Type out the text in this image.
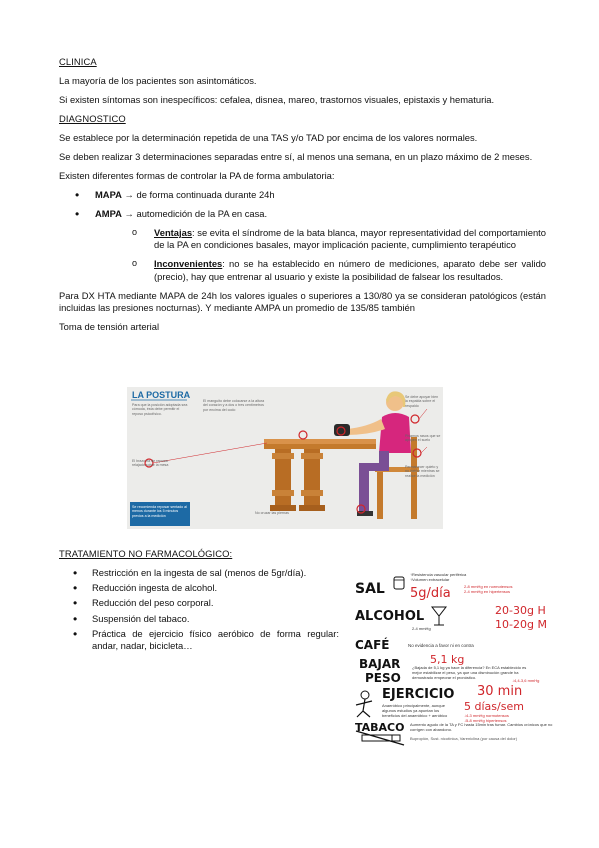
CLINICA

La mayoría de los pacientes son asintomáticos.

Si existen síntomas son inespecíficos: cefalea, disnea, mareo, trastornos visuales, epistaxis y hematuria.

DIAGNOSTICO

Se establece por la determinación repetida de una TAS y/o TAD por encima de los valores normales.

Se deben realizar 3 determinaciones separadas entre sí, al menos una semana, en un plazo máximo de 2 meses.

Existen diferentes formas de controlar la PA de forma ambulatoria:

• MAPA → de forma continuada durante 24h
• AMPA → automedición de la PA en casa.
o Ventajas: se evita el síndrome de la bata blanca, mayor representatividad del comportamiento de la PA en condiciones basales, mayor implicación paciente, cumplimiento terapéutico
o Inconvenientes: no se ha establecido en número de mediciones, aparato debe ser valido (precio), hay que entrenar al usuario y existe la posibilidad de falsear los resultados.

Para DX HTA mediante MAPA de 24h los valores iguales o superiores a 130/80 ya se consideran patológicos (están incluidas las presiones nocturnas). Y mediante AMPA un promedio de 135/85 también

Toma de tensión arterial

LA POSTURA
Para que la posición adoptada sea cómoda, ésta debe permitir el reposo psicofísico.
El manguito debe colocarse a la altura del corazón y a dos o tres centímetros por encima del codo
Se debe apoyar bien la espalda sobre el respaldo
Pisamos rasos que se apoyen el suelo
El brazo ha de reposar relajado sobre la mesa	Permanecer quieto y no hablar mientras se realice la medición
No cruzar las piernas
Se recomienda reposar sentado al menos durante los 5 minutos previos a la medición

TRATAMIENTO NO FARMACOLÓGICO:

• Restricción en la ingesta de sal (menos de 5gr/día).
• Reducción ingesta de alcohol.
• Reducción del peso corporal.
• Suspensión del tabaco.
• Práctica de ejercicio físico aeróbico de forma regular: andar, nadar, bicicleta…
SAL 5g/día
↑Resistencia vascular periférica
↑Volumen extracelular
2-8 mmHg en normotensos
2-4 mmHg en hipertensos
ALCOHOL	20-30g H
10-20g M
2-4 mmHg
CAFÉ	No evidencia a favor ni en contra
BAJAR
PESO
5,1 kg
¿Bajada de 5,1 kg ya hace la diferencia? En ECA establecido es mejor estabilizar el peso, ya que una disminución grande ha demostrado empeorar el pronóstico.
↓4,4-3,6 mmHg
EJERCICIO 30 min
5 días/sem
Anaeróbico principalmente, aunque algunos estudios ya apuntan los beneficios del anaeróbico + aeróbico	↓4-3 mmHg normotensos
↓5-8 mmHg hipertensos
TABACO Aumento agudo de la TA y FC hasta 15min tras fumar. Cambios crónicos que no corrigen con abandono.
Bupropión, Sust. nicotínica, Vareniclina (por causa del dolor)
